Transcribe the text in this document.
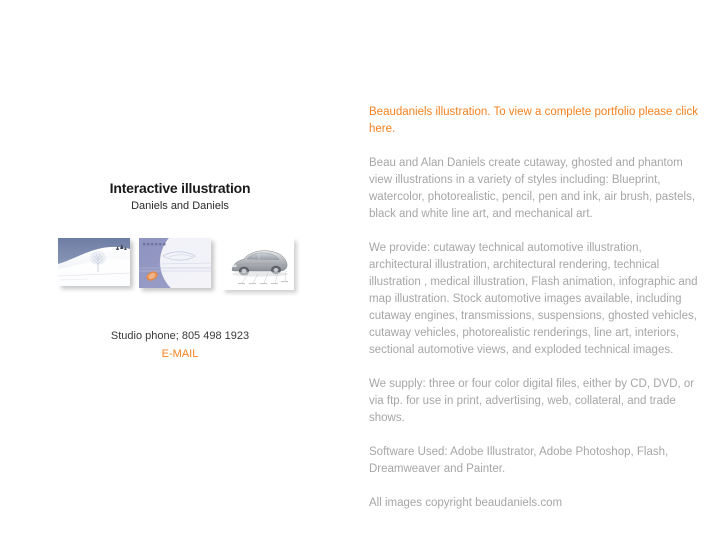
Interactive illustration

Daniels and Daniels

Studio phone; 805 498 1923

E-MAIL
Beaudaniels illustration. To view a complete portfolio please click here.

Beau and Alan Daniels create cutaway, ghosted and phantom view illustrations in a variety of styles including: Blueprint, watercolor, photorealistic, pencil, pen and ink, air brush, pastels, black and white line art, and mechanical art.

We provide: cutaway technical automotive illustration, architectural illustration, architectural rendering, technical illustration , medical illustration, Flash animation, infographic and map illustration. Stock automotive images available, including cutaway engines, transmissions, suspensions, ghosted vehicles, cutaway vehicles, photorealistic renderings, line art, interiors, sectional automotive views, and exploded technical images.

We supply: three or four color digital files, either by CD, DVD, or via ftp. for use in print, advertising, web, collateral, and trade shows.

Software Used: Adobe Illustrator, Adobe Photoshop, Flash, Dreamweaver and Painter.

All images copyright beaudaniels.com
